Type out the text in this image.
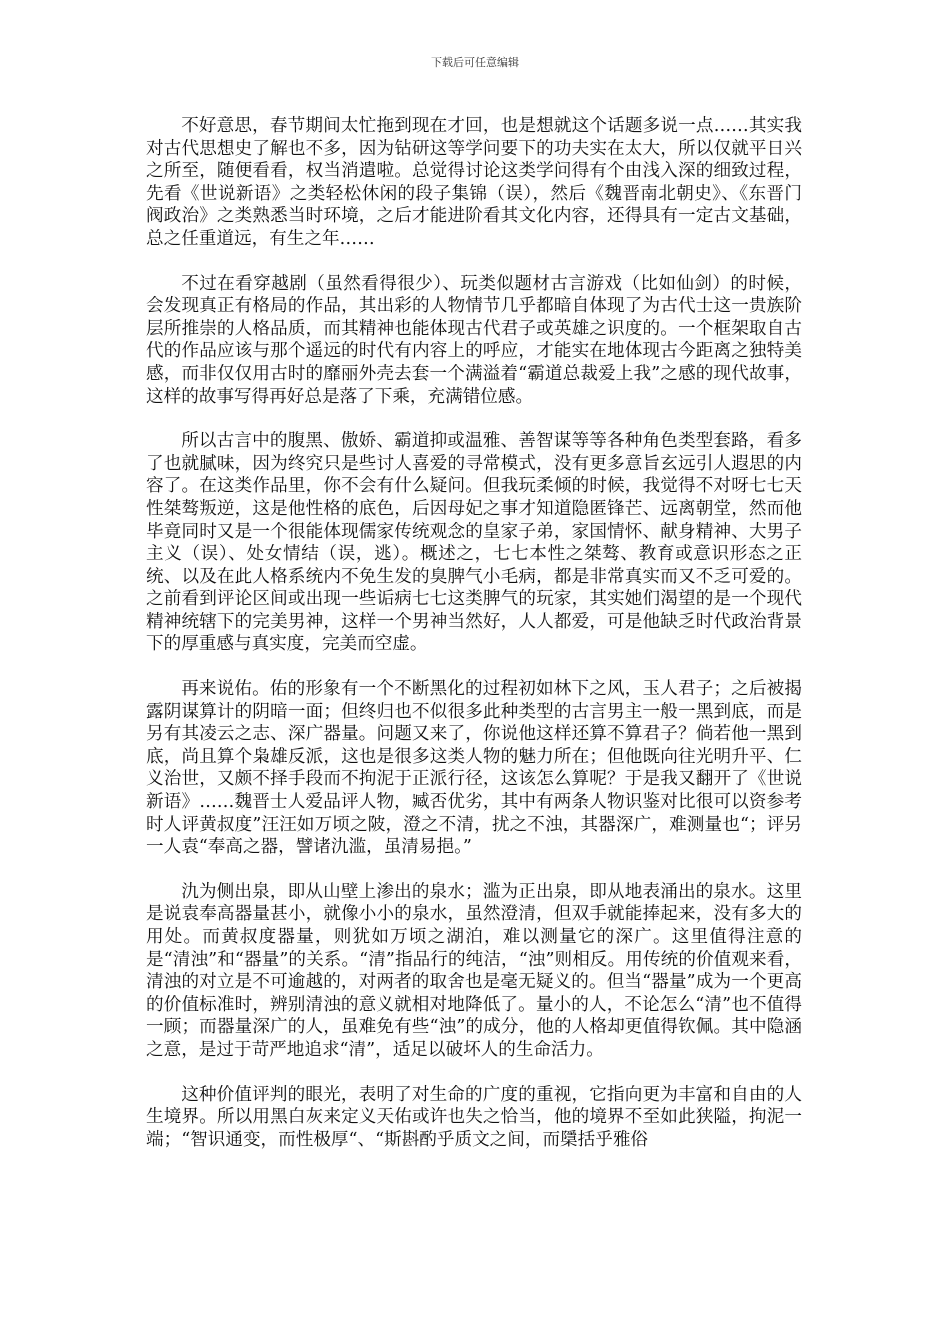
下载后可任意编辑

不好意思，春节期间太忙拖到现在才回，也是想就这个话题多说一点……其实我对古代思想史了解也不多，因为钻研这等学问要下的功夫实在太大，所以仅就平日兴之所至，随便看看，权当消遣啦。总觉得讨论这类学问得有个由浅入深的细致过程，先看《世说新语》之类轻松休闲的段子集锦（误），然后《魏晋南北朝史》、《东晋门阀政治》之类熟悉当时环境，之后才能进阶看其文化内容，还得具有一定古文基础，总之任重道远，有生之年……

不过在看穿越剧（虽然看得很少）、玩类似题材古言游戏（比如仙剑）的时候，会发现真正有格局的作品，其出彩的人物情节几乎都暗自体现了为古代士这一贵族阶层所推崇的人格品质，而其精神也能体现古代君子或英雄之识度的。一个框架取自古代的作品应该与那个遥远的时代有内容上的呼应，才能实在地体现古今距离之独特美感，而非仅仅用古时的靡丽外壳去套一个满溢着“霸道总裁爱上我”之感的现代故事，这样的故事写得再好总是落了下乘，充满错位感。

所以古言中的腹黑、傲娇、霸道抑或温雅、善智谋等等各种角色类型套路，看多了也就腻味，因为终究只是些讨人喜爱的寻常模式，没有更多意旨玄远引人遐思的内容了。在这类作品里，你不会有什么疑问。但我玩柔倾的时候，我觉得不对呀七七天性桀骜叛逆，这是他性格的底色，后因母妃之事才知道隐匿锋芒、远离朝堂，然而他毕竟同时又是一个很能体现儒家传统观念的皇家子弟，家国情怀、献身精神、大男子主义（误）、处女情结（误，逃）。概述之，七七本性之桀骜、教育或意识形态之正统、以及在此人格系统内不免生发的臭脾气小毛病，都是非常真实而又不乏可爱的。之前看到评论区间或出现一些诟病七七这类脾气的玩家，其实她们渴望的是一个现代精神统辖下的完美男神，这样一个男神当然好，人人都爱，可是他缺乏时代政治背景下的厚重感与真实度，完美而空虚。

再来说佑。佑的形象有一个不断黑化的过程初如林下之风，玉人君子；之后被揭露阴谋算计的阴暗一面；但终归也不似很多此种类型的古言男主一般一黑到底，而是另有其凌云之志、深广器量。问题又来了，你说他这样还算不算君子？倘若他一黑到底，尚且算个枭雄反派，这也是很多这类人物的魅力所在；但他既向往光明升平、仁义治世，又颇不择手段而不拘泥于正派行径，这该怎么算呢？于是我又翻开了《世说新语》……魏晋士人爱品评人物，臧否优劣，其中有两条人物识鉴对比很可以资参考时人评黄叔度”汪汪如万顷之陂，澄之不清，扰之不浊，其器深广，难测量也“；评另一人袁“奉高之器，譬诸氿滥，虽清易挹。”

氿为侧出泉，即从山壁上渗出的泉水；滥为正出泉，即从地表涌出的泉水。这里是说袁奉高器量甚小，就像小小的泉水，虽然澄清，但双手就能捧起来，没有多大的用处。而黄叔度器量，则犹如万顷之湖泊，难以测量它的深广。这里值得注意的是“清浊”和“器量”的关系。“清”指品行的纯洁，“浊”则相反。用传统的价值观来看，清浊的对立是不可逾越的，对两者的取舍也是毫无疑义的。但当“器量”成为一个更高的价值标准时，辨别清浊的意义就相对地降低了。量小的人，不论怎么“清”也不值得一顾；而器量深广的人，虽难免有些“浊”的成分，他的人格却更值得钦佩。其中隐涵之意，是过于苛严地追求“清”，适足以破坏人的生命活力。

这种价值评判的眼光，表明了对生命的广度的重视，它指向更为丰富和自由的人生境界。所以用黑白灰来定义天佑或许也失之恰当，他的境界不至如此狭隘，拘泥一端；“智识通变，而性极厚“、“斯斟酌乎质文之间，而檃括乎雅俗
